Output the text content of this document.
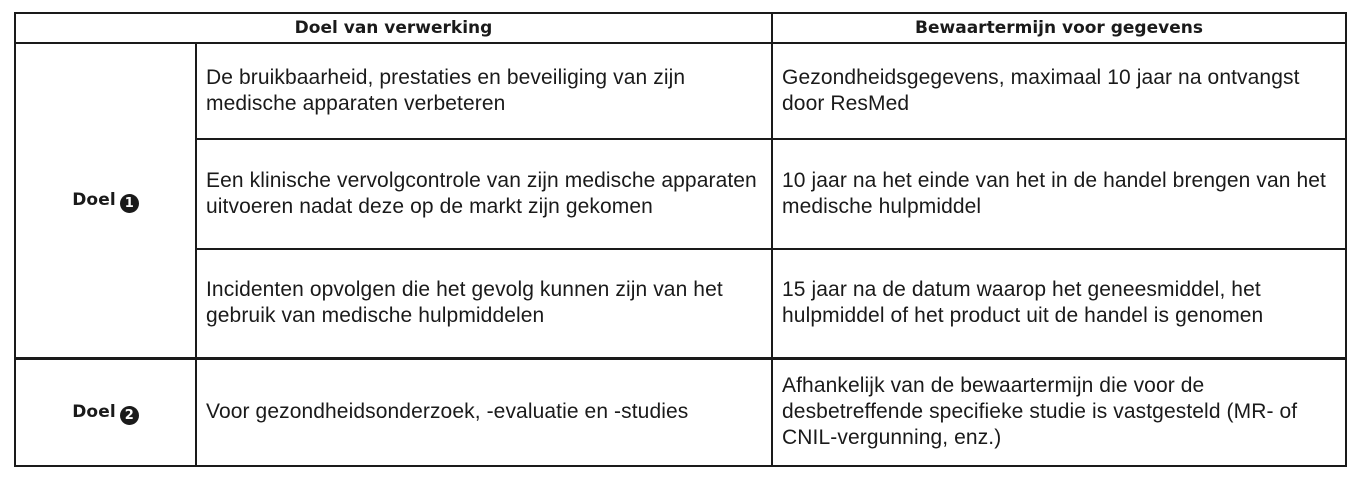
Doel van verwerking		Bewaartermijn voor gegevens
Doel 1	De bruikbaarheid, prestaties en beveiliging van zijn medische apparaten verbeteren	Gezondheidsgegevens, maximaal 10 jaar na ontvangst door ResMed
	Een klinische vervolgcontrole van zijn medische apparaten uitvoeren nadat deze op de markt zijn gekomen	10 jaar na het einde van het in de handel brengen van het medische hulpmiddel
	Incidenten opvolgen die het gevolg kunnen zijn van het gebruik van medische hulpmiddelen	15 jaar na de datum waarop het geneesmiddel, het hulpmiddel of het product uit de handel is genomen
Doel 2	Voor gezondheidsonderzoek, -evaluatie en -studies	Afhankelijk van de bewaartermijn die voor de desbetreffende specifieke studie is vastgesteld (MR- of CNIL-vergunning, enz.)
